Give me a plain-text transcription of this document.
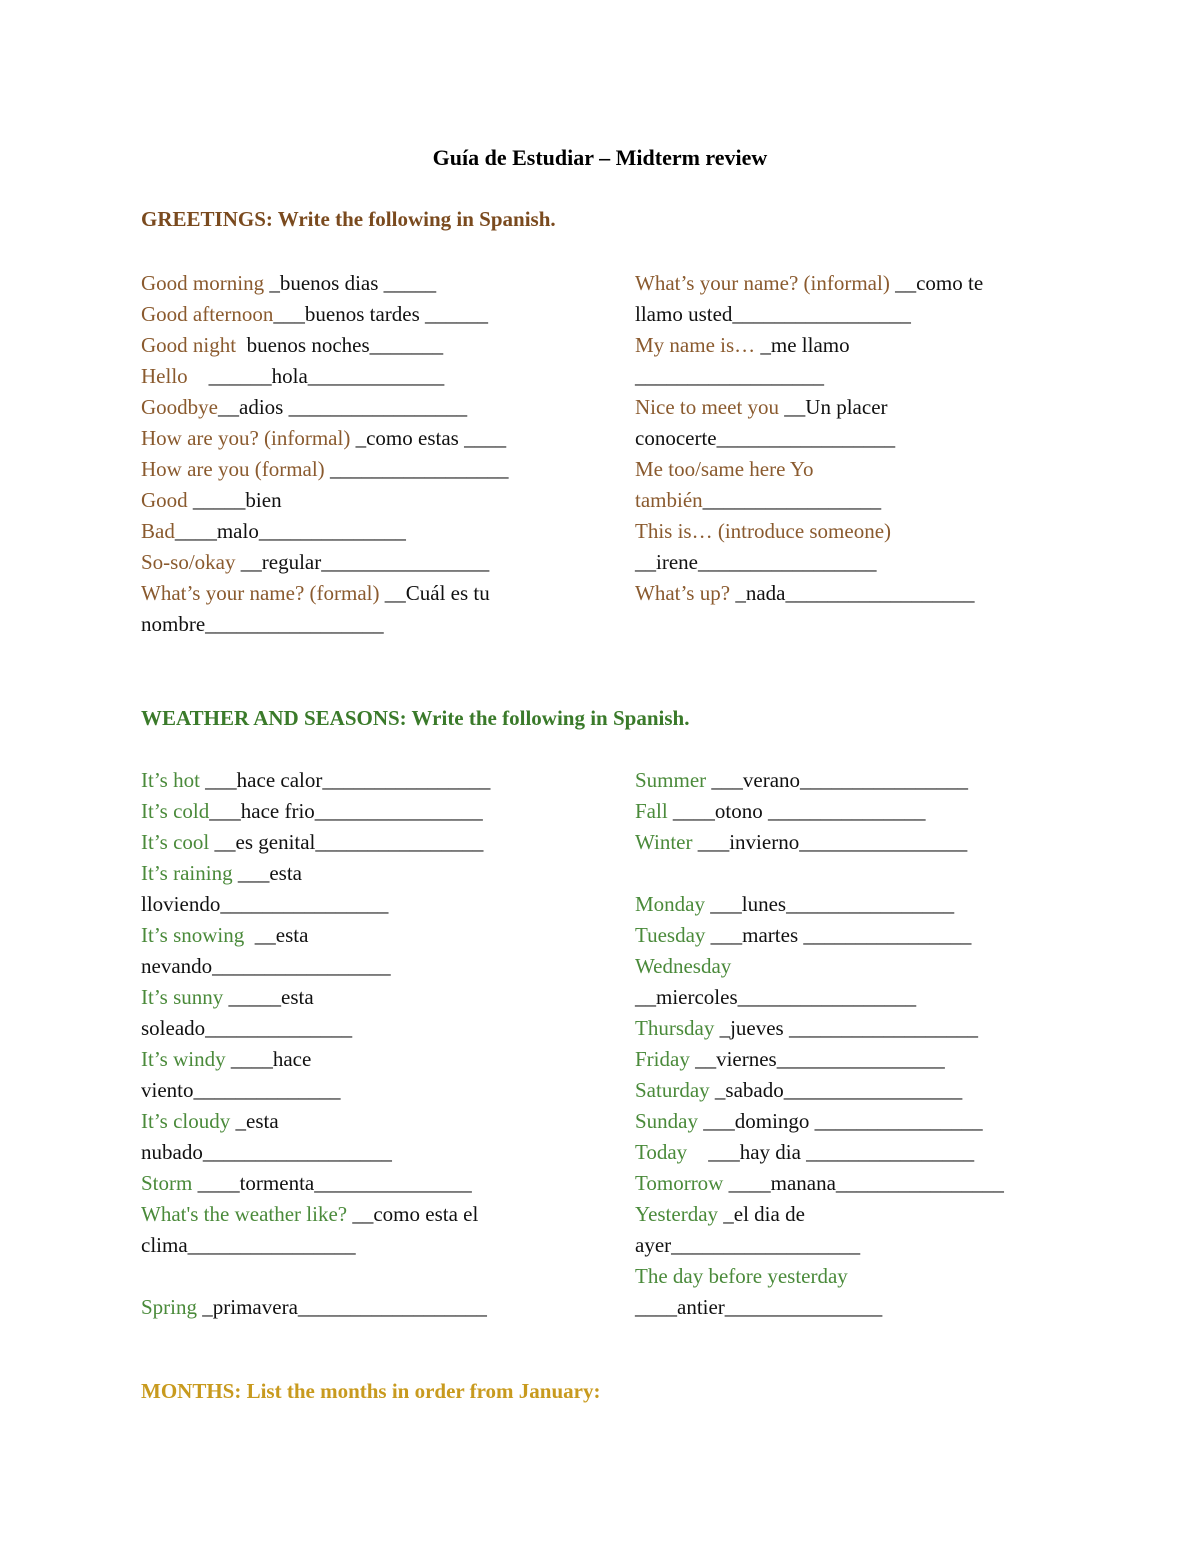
Guía de Estudiar – Midterm review
GREETINGS: Write the following in Spanish.
Good morning _buenos dias _____
Good afternoon___buenos tardes ______
Good night  buenos noches_______
Hello    ______hola_____________
Goodbye__adios _________________
How are you? (informal) _como estas ____
How are you (formal) _________________
Good _____bien
Bad____malo______________
So-so/okay __regular________________
What’s your name? (formal) __Cuál es tu
nombre_________________
What’s your name? (informal) __como te
llamo usted_________________
My name is… _me llamo
__________________
Nice to meet you __Un placer
conocerte_________________
Me too/same here Yo
también_________________
This is… (introduce someone)
__irene_________________
What’s up? _nada__________________
WEATHER AND SEASONS: Write the following in Spanish.
It’s hot ___hace calor________________
It’s cold___hace frio________________
It’s cool __es genital________________
It’s raining ___esta
lloviendo________________
It’s snowing  __esta
nevando_________________
It’s sunny _____esta
soleado______________
It’s windy ____hace
viento______________
It’s cloudy _esta
nubado__________________
Storm ____tormenta_______________
What's the weather like? __como esta el
clima________________
Spring _primavera__________________
Summer ___verano________________
Fall ____otono _______________
Winter ___invierno________________
Monday ___lunes________________
Tuesday ___martes ________________
Wednesday
__miercoles_________________
Thursday _jueves __________________
Friday __viernes________________
Saturday _sabado_________________
Sunday ___domingo ________________
Today    ___hay dia ________________
Tomorrow ____manana________________
Yesterday _el dia de
ayer__________________
The day before yesterday
____antier_______________
MONTHS: List the months in order from January:
